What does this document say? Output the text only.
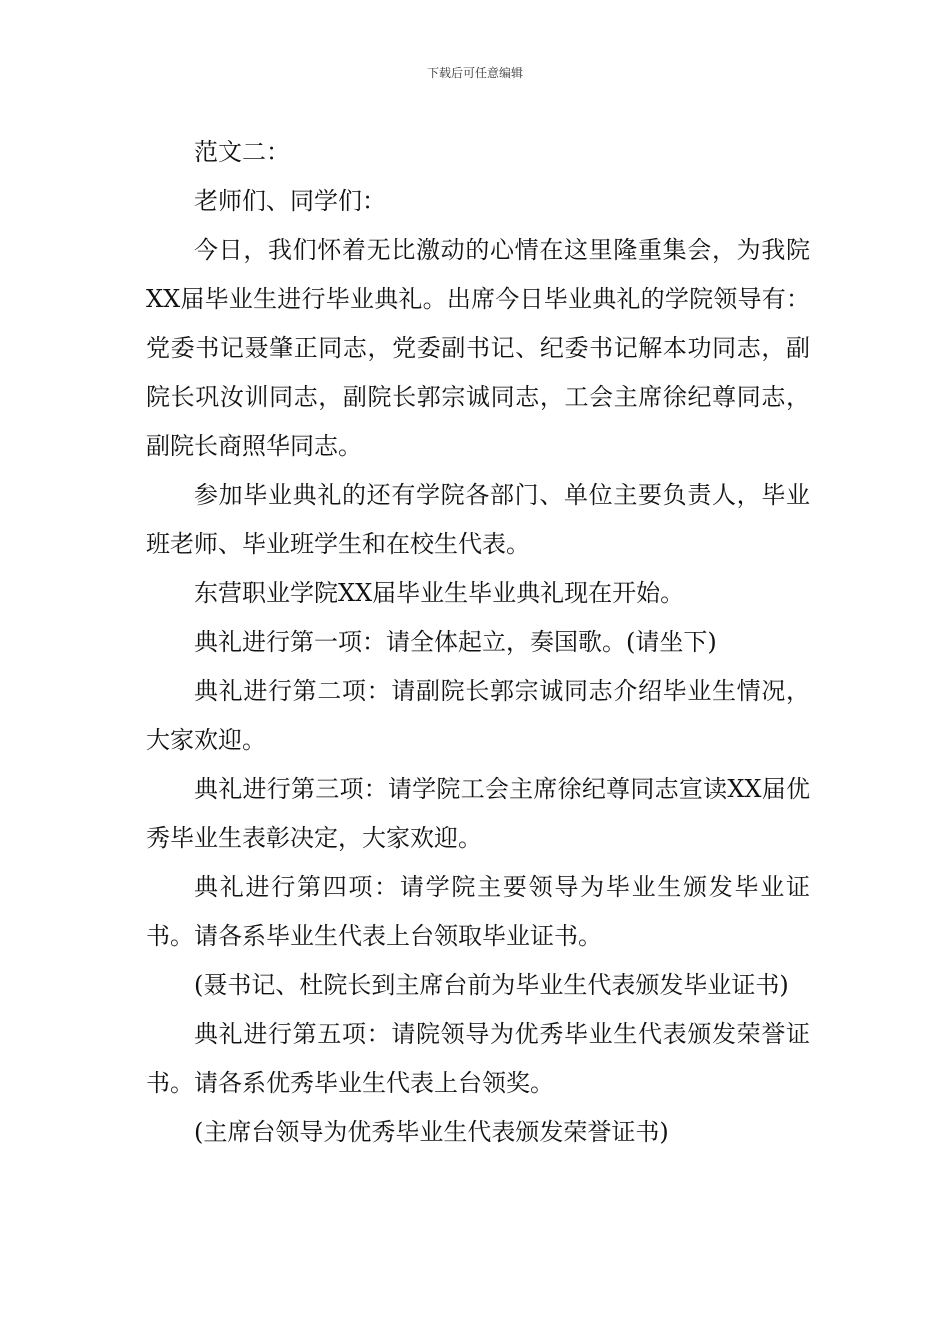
下载后可任意编辑

范文二：

老师们、同学们：

今日，我们怀着无比激动的心情在这里隆重集会，为我院XX届毕业生进行毕业典礼。出席今日毕业典礼的学院领导有：党委书记聂肇正同志，党委副书记、纪委书记解本功同志，副院长巩汝训同志，副院长郭宗诚同志，工会主席徐纪尊同志，副院长商照华同志。

参加毕业典礼的还有学院各部门、单位主要负责人，毕业班老师、毕业班学生和在校生代表。

东营职业学院XX届毕业生毕业典礼现在开始。

典礼进行第一项：请全体起立，奏国歌。(请坐下)

典礼进行第二项：请副院长郭宗诚同志介绍毕业生情况，大家欢迎。

典礼进行第三项：请学院工会主席徐纪尊同志宣读XX届优秀毕业生表彰决定，大家欢迎。

典礼进行第四项：请学院主要领导为毕业生颁发毕业证书。请各系毕业生代表上台领取毕业证书。

(聂书记、杜院长到主席台前为毕业生代表颁发毕业证书)

典礼进行第五项：请院领导为优秀毕业生代表颁发荣誉证书。请各系优秀毕业生代表上台领奖。

(主席台领导为优秀毕业生代表颁发荣誉证书)
